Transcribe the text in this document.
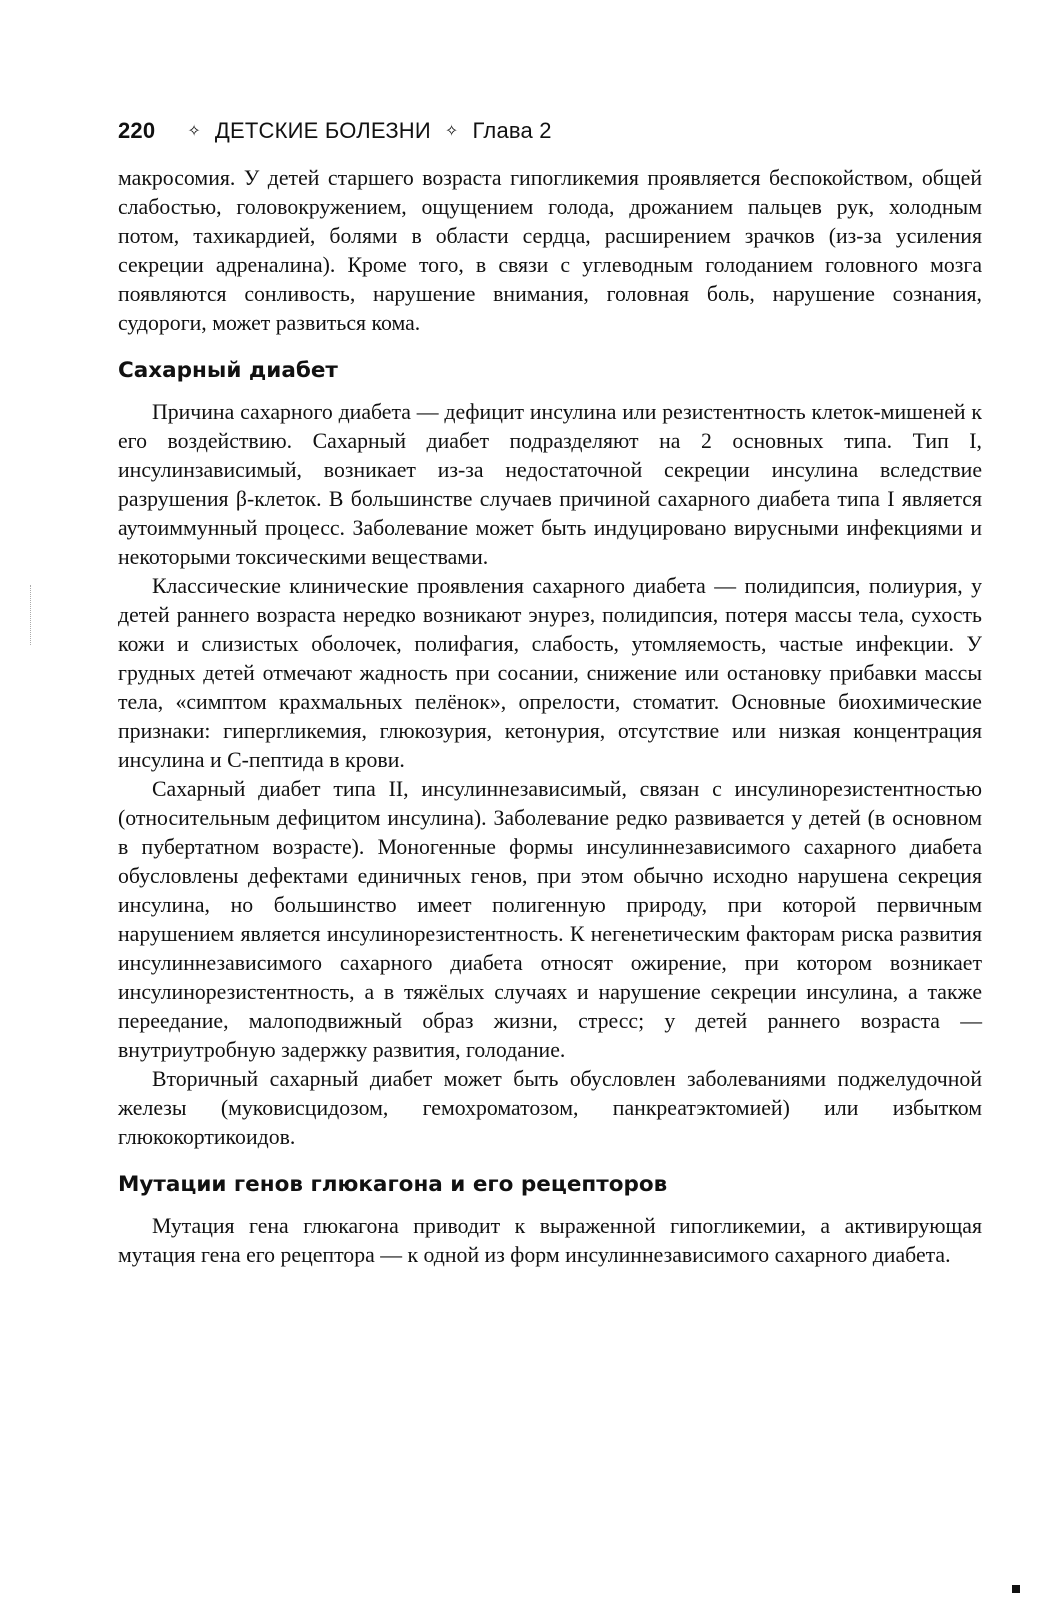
220 ✧ ДЕТСКИЕ БОЛЕЗНИ ✧ Глава 2

макросомия. У детей старшего возраста гипогликемия проявляется беспокойством, общей слабостью, головокружением, ощущением голода, дрожанием пальцев рук, холодным потом, тахикардией, болями в области сердца, расширением зрачков (из-за усиления секреции адреналина). Кроме того, в связи с углеводным голоданием головного мозга появляются сонливость, нарушение внимания, головная боль, нарушение сознания, судороги, может развиться кома.

Сахарный диабет

Причина сахарного диабета — дефицит инсулина или резистентность клеток-мишеней к его воздействию. Сахарный диабет подразделяют на 2 основных типа. Тип I, инсулинзависимый, возникает из-за недостаточной секреции инсулина вследствие разрушения β-клеток. В большинстве случаев причиной сахарного диабета типа I является аутоиммунный процесс. Заболевание может быть индуцировано вирусными инфекциями и некоторыми токсическими веществами.

Классические клинические проявления сахарного диабета — полидипсия, полиурия, у детей раннего возраста нередко возникают энурез, полидипсия, потеря массы тела, сухость кожи и слизистых оболочек, полифагия, слабость, утомляемость, частые инфекции. У грудных детей отмечают жадность при сосании, снижение или остановку прибавки массы тела, «симптом крахмальных пелёнок», опрелости, стоматит. Основные биохимические признаки: гипергликемия, глюкозурия, кетонурия, отсутствие или низкая концентрация инсулина и С-пептида в крови.

Сахарный диабет типа II, инсулиннезависимый, связан с инсулинорезистентностью (относительным дефицитом инсулина). Заболевание редко развивается у детей (в основном в пубертатном возрасте). Моногенные формы инсулиннезависимого сахарного диабета обусловлены дефектами единичных генов, при этом обычно исходно нарушена секреция инсулина, но большинство имеет полигенную природу, при которой первичным нарушением является инсулинорезистентность. К негенетическим факторам риска развития инсулиннезависимого сахарного диабета относят ожирение, при котором возникает инсулинорезистентность, а в тяжёлых случаях и нарушение секреции инсулина, а также переедание, малоподвижный образ жизни, стресс; у детей раннего возраста — внутриутробную задержку развития, голодание.

Вторичный сахарный диабет может быть обусловлен заболеваниями поджелудочной железы (муковисцидозом, гемохроматозом, панкреатэктомией) или избытком глюкокортикоидов.

Мутации генов глюкагона и его рецепторов

Мутация гена глюкагона приводит к выраженной гипогликемии, а активирующая мутация гена его рецептора — к одной из форм инсулиннезависимого сахарного диабета.
